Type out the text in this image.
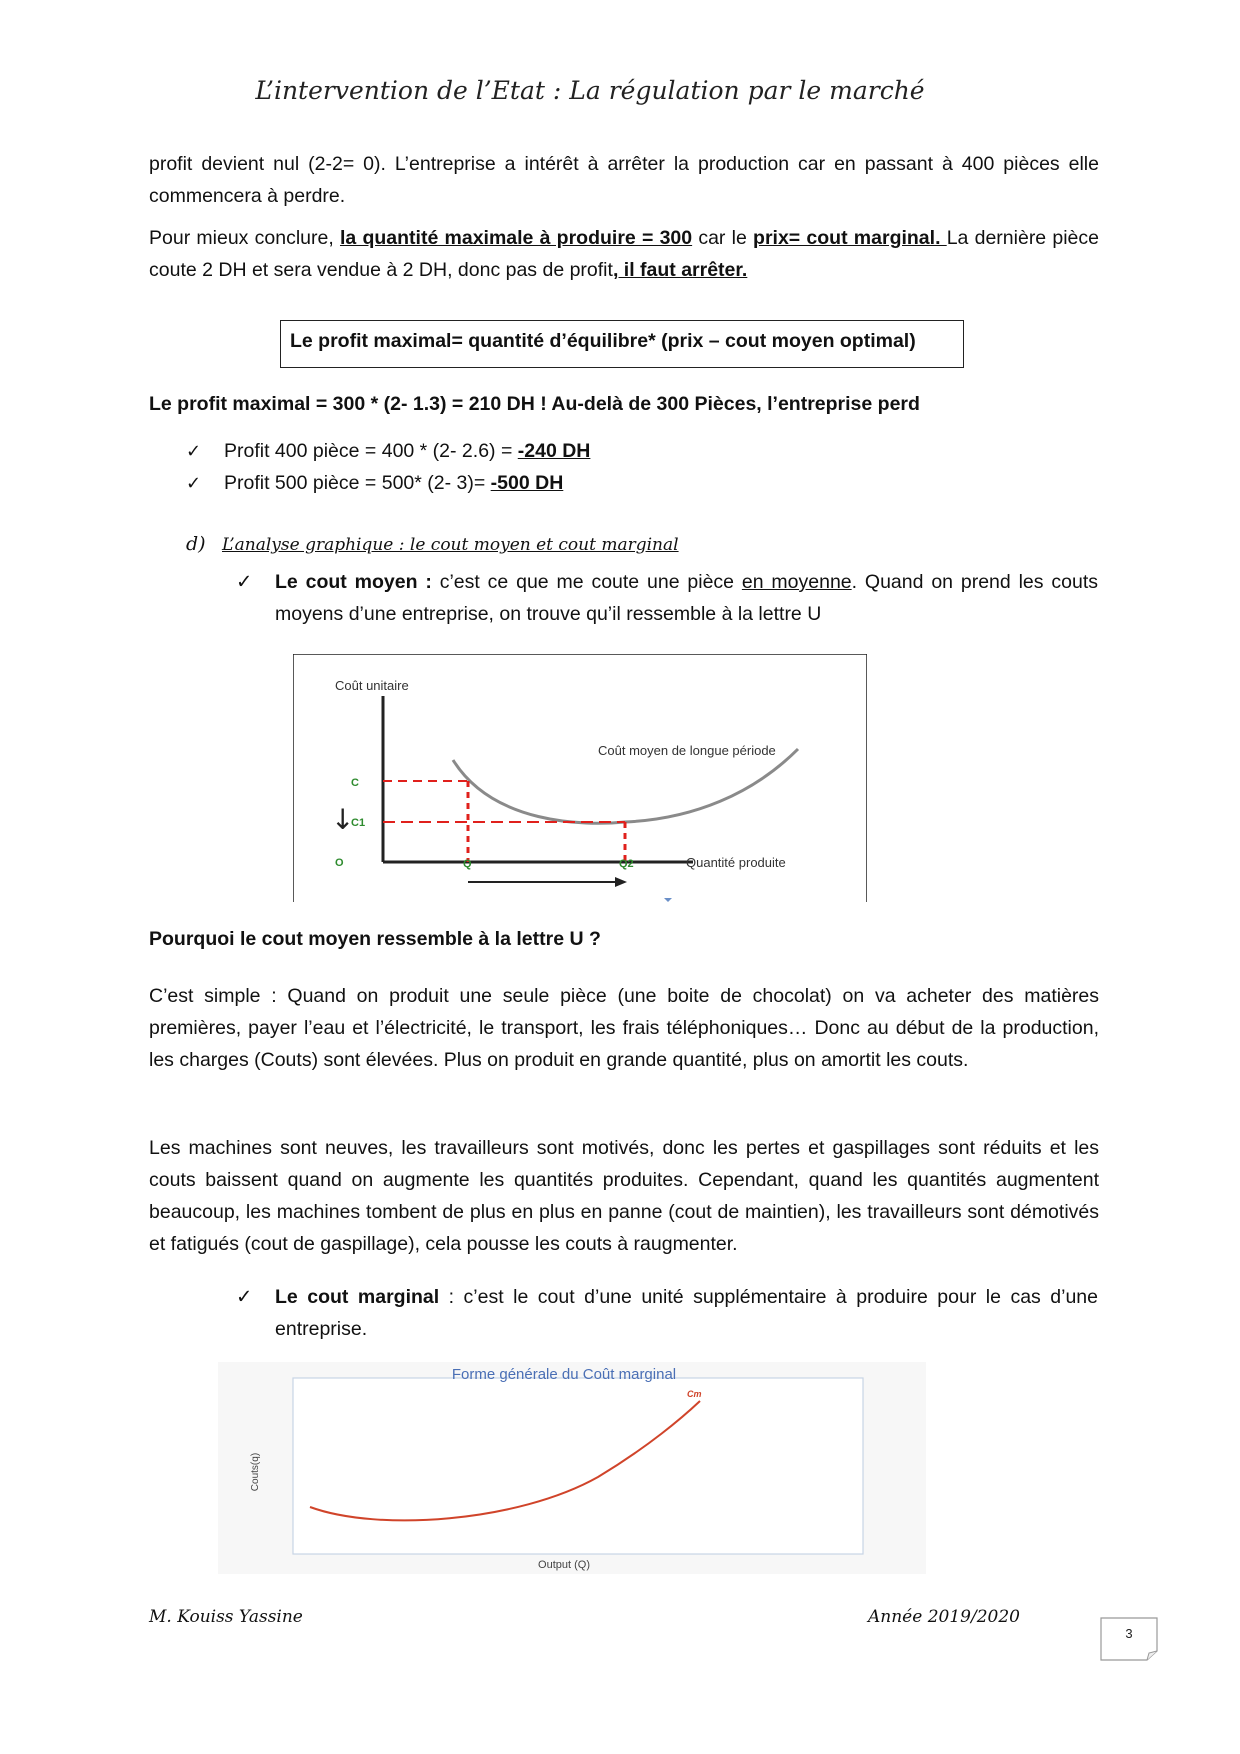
L’intervention de l’Etat : La régulation par le marché

profit devient nul (2-2= 0). L’entreprise a intérêt à arrêter la production car en passant à 400 pièces elle commencera à perdre.

Pour mieux conclure, la quantité maximale à produire = 300 car le prix= cout marginal. La dernière pièce coute 2 DH et sera vendue à 2 DH, donc pas de profit, il faut arrêter.

Le profit maximal= quantité d’équilibre* (prix – cout moyen optimal)
Le profit maximal = 300 * (2- 1.3) = 210 DH ! Au-delà de 300 Pièces, l’entreprise perd
✓ Profit 400 pièce = 400 * (2- 2.6) = -240 DH
✓ Profit 500 pièce = 500* (2- 3)= -500 DH
d) L’analyse graphique : le cout moyen et cout marginal
✓ Le cout moyen : c’est ce que me coute une pièce en moyenne. Quand on prend les couts moyens d’une entreprise, on trouve qu’il ressemble à la lettre U
Coût unitaire
Coût moyen de longue période
C
C1
↓
O	Q	Q2	Quantité produite
Pourquoi le cout moyen ressemble à la lettre U ?

C’est simple : Quand on produit une seule pièce (une boite de chocolat) on va acheter des matières premières, payer l’eau et l’électricité, le transport, les frais téléphoniques… Donc au début de la production, les charges (Couts) sont élevées. Plus on produit en grande quantité, plus on amortit les couts.

Les machines sont neuves, les travailleurs sont motivés, donc les pertes et gaspillages sont réduits et les couts baissent quand on augmente les quantités produites. Cependant, quand les quantités augmentent beaucoup, les machines tombent de plus en plus en panne (cout de maintien), les travailleurs sont démotivés et fatigués (cout de gaspillage), cela pousse les couts à raugmenter.

✓ Le cout marginal : c’est le cout d’une unité supplémentaire à produire pour le cas d’une entreprise.
Forme générale du Coût marginal
Cm
Couts(q)
Output (Q)
M. Kouiss Yassine	Année 2019/2020
3
